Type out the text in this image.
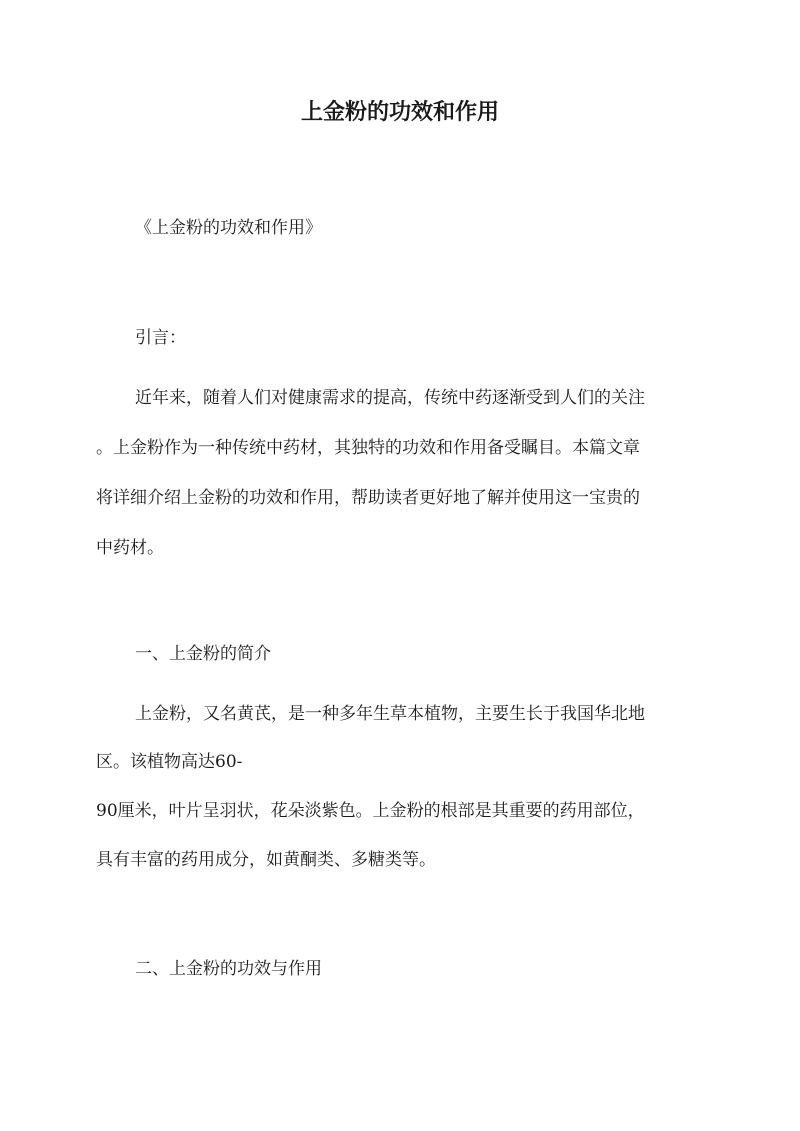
上金粉的功效和作用

《上金粉的功效和作用》

引言：

近年来，随着人们对健康需求的提高，传统中药逐渐受到人们的关注

。上金粉作为一种传统中药材，其独特的功效和作用备受瞩目。本篇文章

将详细介绍上金粉的功效和作用，帮助读者更好地了解并使用这一宝贵的

中药材。

一、上金粉的简介

上金粉，又名黄芪，是一种多年生草本植物，主要生长于我国华北地

区。该植物高达60-

90厘米，叶片呈羽状，花朵淡紫色。上金粉的根部是其重要的药用部位，

具有丰富的药用成分，如黄酮类、多糖类等。

二、上金粉的功效与作用
